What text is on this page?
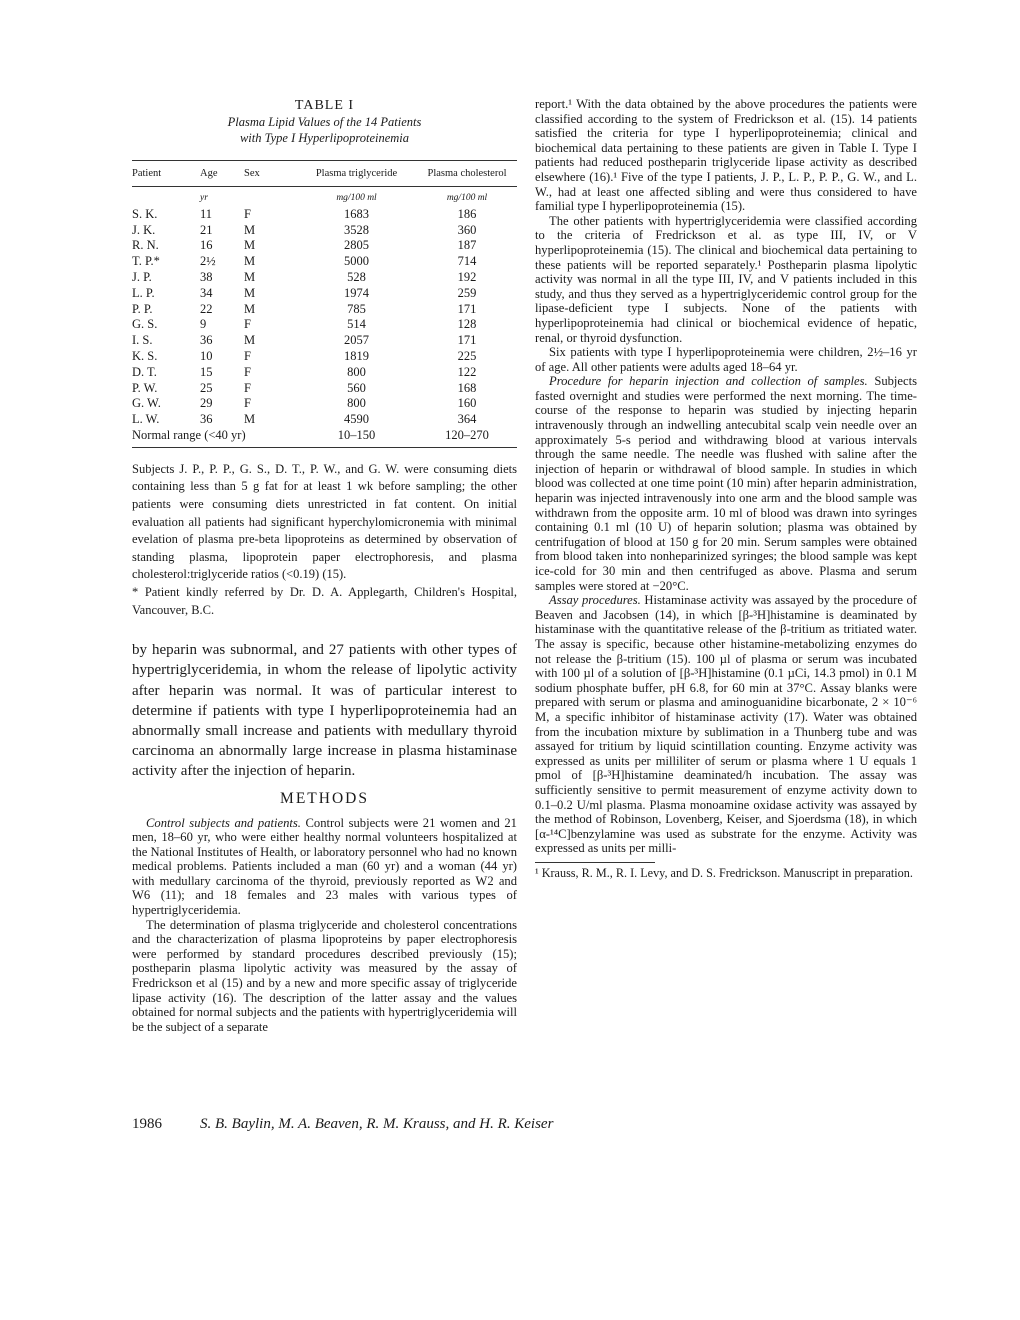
TABLE I
Plasma Lipid Values of the 14 Patients
with Type I Hyperlipoproteinemia
Patient	Age	Sex	Plasma triglyceride	Plasma cholesterol
	yr		mg/100 ml	mg/100 ml
S. K.	11	F	1683	186
J. K.	21	M	3528	360
R. N.	16	M	2805	187
T. P.*	2½	M	5000	714
J. P.	38	M	528	192
L. P.	34	M	1974	259
P. P.	22	M	785	171
G. S.	9	F	514	128
I. S.	36	M	2057	171
K. S.	10	F	1819	225
D. T.	15	F	800	122
P. W.	25	F	560	168
G. W.	29	F	800	160
L. W.	36	M	4590	364
Normal range (<40 yr)			10–150	120–270

Subjects J. P., P. P., G. S., D. T., P. W., and G. W. were consuming diets containing less than 5 g fat for at least 1 wk before sampling; the other patients were consuming diets unrestricted in fat content. On initial evaluation all patients had significant hyperchylomicronemia with minimal evelation of plasma pre-beta lipoproteins as determined by observation of standing plasma, lipoprotein paper electrophoresis, and plasma cholesterol:triglyceride ratios (<0.19) (15).

* Patient kindly referred by Dr. D. A. Applegarth, Children's Hospital, Vancouver, B.C.

by heparin was subnormal, and 27 patients with other types of hypertriglyceridemia, in whom the release of lipolytic activity after heparin was normal. It was of particular interest to determine if patients with type I hyperlipoproteinemia had an abnormally small increase and patients with medullary thyroid carcinoma an abnormally large increase in plasma histaminase activity after the injection of heparin.

METHODS

Control subjects and patients. Control subjects were 21 women and 21 men, 18–60 yr, who were either healthy normal volunteers hospitalized at the National Institutes of Health, or laboratory personnel who had no known medical problems. Patients included a man (60 yr) and a woman (44 yr) with medullary carcinoma of the thyroid, previously reported as W2 and W6 (11); and 18 females and 23 males with various types of hypertriglyceridemia.

The determination of plasma triglyceride and cholesterol concentrations and the characterization of plasma lipoproteins by paper electrophoresis were performed by standard procedures described previously (15); postheparin plasma lipolytic activity was measured by the assay of Fredrickson et al (15) and by a new and more specific assay of triglyceride lipase activity (16). The description of the latter assay and the values obtained for normal subjects and the patients with hypertriglyceridemia will be the subject of a separate

report.¹ With the data obtained by the above procedures the patients were classified according to the system of Fredrickson et al. (15). 14 patients satisfied the criteria for type I hyperlipoproteinemia; clinical and biochemical data pertaining to these patients are given in Table I. Type I patients had reduced postheparin triglyceride lipase activity as described elsewhere (16).¹ Five of the type I patients, J. P., L. P., P. P., G. W., and L. W., had at least one affected sibling and were thus considered to have familial type I hyperlipoproteinemia (15).

The other patients with hypertriglyceridemia were classified according to the criteria of Fredrickson et al. as type III, IV, or V hyperlipoproteinemia (15). The clinical and biochemical data pertaining to these patients will be reported separately.¹ Postheparin plasma lipolytic activity was normal in all the type III, IV, and V patients included in this study, and thus they served as a hypertriglyceridemic control group for the lipase-deficient type I subjects. None of the patients with hyperlipoproteinemia had clinical or biochemical evidence of hepatic, renal, or thyroid dysfunction.

Six patients with type I hyperlipoproteinemia were children, 2½–16 yr of age. All other patients were adults aged 18–64 yr.

Procedure for heparin injection and collection of samples. Subjects fasted overnight and studies were performed the next morning. The time-course of the response to heparin was studied by injecting heparin intravenously through an indwelling antecubital scalp vein needle over an approximately 5-s period and withdrawing blood at various intervals through the same needle. The needle was flushed with saline after the injection of heparin or withdrawal of blood sample. In studies in which blood was collected at one time point (10 min) after heparin administration, heparin was injected intravenously into one arm and the blood sample was withdrawn from the opposite arm. 10 ml of blood was drawn into syringes containing 0.1 ml (10 U) of heparin solution; plasma was obtained by centrifugation of blood at 150 g for 20 min. Serum samples were obtained from blood taken into nonheparinized syringes; the blood sample was kept ice-cold for 30 min and then centrifuged as above. Plasma and serum samples were stored at −20°C.

Assay procedures. Histaminase activity was assayed by the procedure of Beaven and Jacobsen (14), in which [β-³H]histamine is deaminated by histaminase with the quantitative release of the β-tritium as tritiated water. The assay is specific, because other histamine-metabolizing enzymes do not release the β-tritium (15). 100 µl of plasma or serum was incubated with 100 µl of a solution of [β-³H]histamine (0.1 µCi, 14.3 pmol) in 0.1 M sodium phosphate buffer, pH 6.8, for 60 min at 37°C. Assay blanks were prepared with serum or plasma and aminoguanidine bicarbonate, 2 × 10⁻⁶ M, a specific inhibitor of histaminase activity (17). Water was obtained from the incubation mixture by sublimation in a Thunberg tube and was assayed for tritium by liquid scintillation counting. Enzyme activity was expressed as units per milliliter of serum or plasma where 1 U equals 1 pmol of [β-³H]histamine deaminated/h incubation. The assay was sufficiently sensitive to permit measurement of enzyme activity down to 0.1–0.2 U/ml plasma. Plasma monoamine oxidase activity was assayed by the method of Robinson, Lovenberg, Keiser, and Sjoerdsma (18), in which [α-¹⁴C]benzylamine was used as substrate for the enzyme. Activity was expressed as units per milli-

¹ Krauss, R. M., R. I. Levy, and D. S. Fredrickson. Manuscript in preparation.
1986	S. B. Baylin, M. A. Beaven, R. M. Krauss, and H. R. Keiser
